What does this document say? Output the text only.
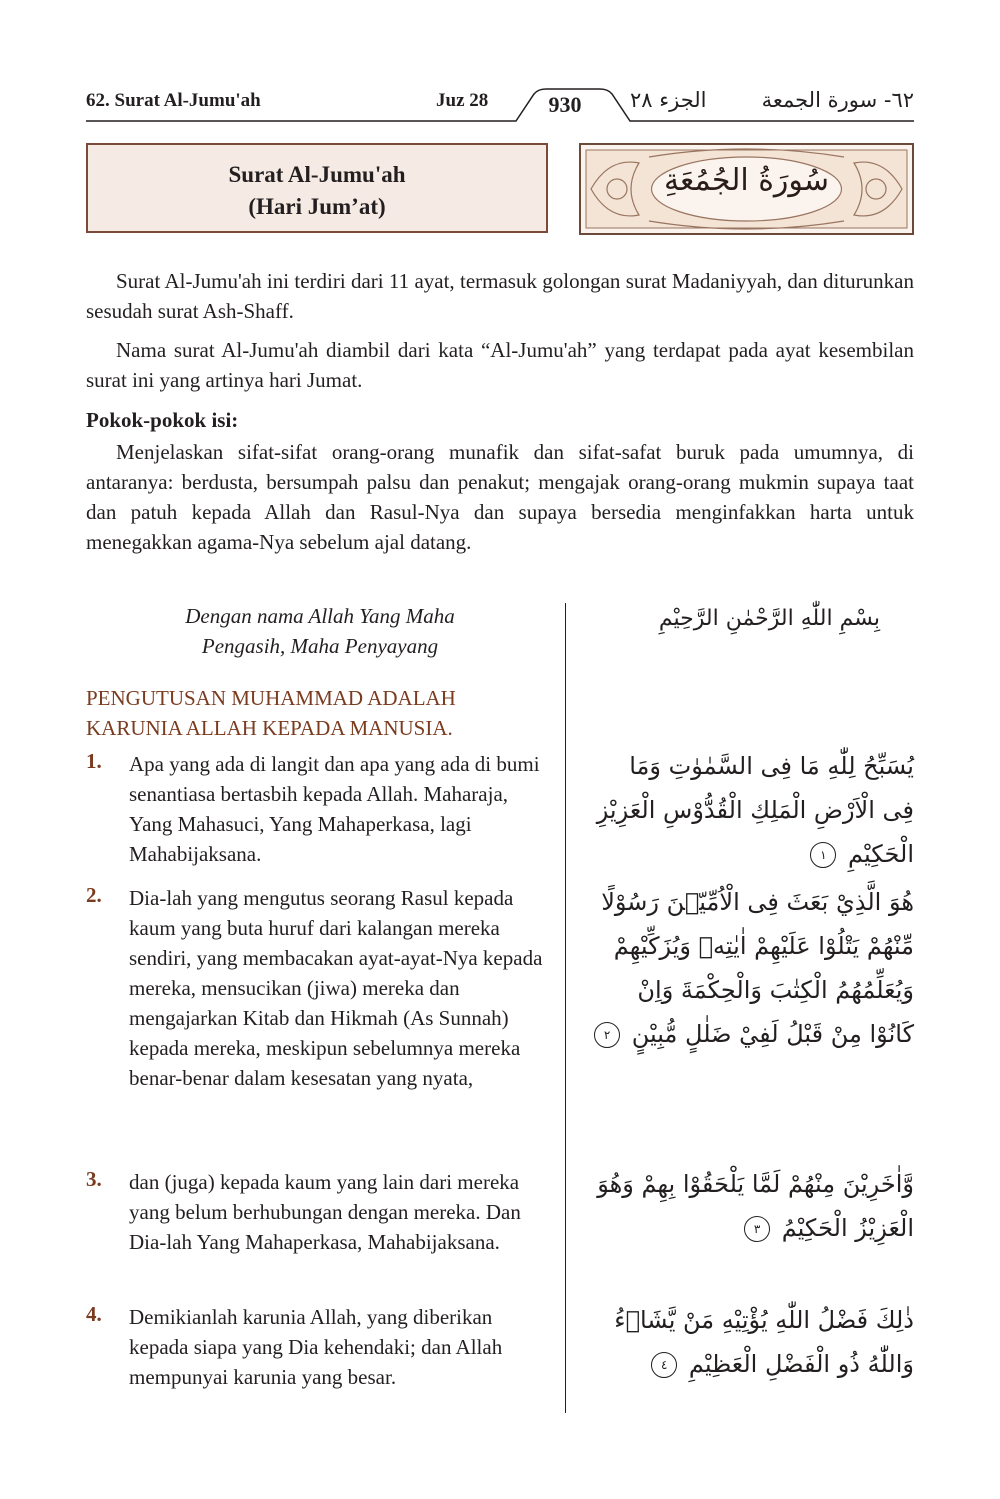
62. Surat Al-Jumu'ah	Juz 28	930	الجزء ٢٨	٦٢- سورة الجمعة
Surat Al-Jumu'ah
(Hari Jum’at)
سُورَةُ الجُمُعَةِ
Surat Al-Jumu'ah ini terdiri dari 11 ayat, termasuk golongan surat Madaniyyah, dan diturunkan sesudah surat Ash-Shaff.
Nama surat Al-Jumu'ah diambil dari kata “Al-Jumu'ah” yang terdapat pada ayat kesembilan surat ini yang artinya hari Jumat.
Pokok-pokok isi:
Menjelaskan sifat-sifat orang-orang munafik dan sifat-safat buruk pada umumnya, di antaranya: berdusta, bersumpah palsu dan penakut; mengajak orang-orang mukmin supaya taat dan patuh kepada Allah dan Rasul-Nya dan supaya bersedia menginfakkan harta untuk menegakkan agama-Nya sebelum ajal datang.
Dengan nama Allah Yang Maha
Pengasih, Maha Penyayang
بِسْمِ اللّٰهِ الرَّحْمٰنِ الرَّحِيْمِ
PENGUTUSAN MUHAMMAD ADALAH
KARUNIA ALLAH KEPADA MANUSIA.
1. Apa yang ada di langit dan apa yang ada di bumi senantiasa bertasbih kepada Allah. Maharaja, Yang Mahasuci, Yang Mahaperkasa, lagi Mahabijaksana.
يُسَبِّحُ لِلّٰهِ مَا فِى السَّمٰوٰتِ وَمَا فِى الْاَرْضِ الْمَلِكِ الْقُدُّوْسِ الْعَزِيْزِ الْحَكِيْمِ ١
2. Dia-lah yang mengutus seorang Rasul kepada kaum yang buta huruf dari kalangan mereka sendiri, yang membacakan ayat-ayat-Nya kepada mereka, mensucikan (jiwa) mereka dan mengajarkan Kitab dan Hikmah (As Sunnah) kepada mereka, meskipun sebelumnya mereka benar-benar dalam kesesatan yang nyata,
هُوَ الَّذِيْ بَعَثَ فِى الْاُمِّيّٖنَ رَسُوْلًا مِّنْهُمْ يَتْلُوْا عَلَيْهِمْ اٰيٰتِهٖ وَيُزَكِّيْهِمْ وَيُعَلِّمُهُمُ الْكِتٰبَ وَالْحِكْمَةَ وَاِنْ كَانُوْا مِنْ قَبْلُ لَفِيْ ضَلٰلٍ مُّبِيْنٍ ٢
3. dan (juga) kepada kaum yang lain dari mereka yang belum berhubungan dengan mereka. Dan Dia-lah Yang Mahaperkasa, Mahabijaksana.
وَّاٰخَرِيْنَ مِنْهُمْ لَمَّا يَلْحَقُوْا بِهِمْ وَهُوَ الْعَزِيْزُ الْحَكِيْمُ ٣
4. Demikianlah karunia Allah, yang diberikan kepada siapa yang Dia kehendaki; dan Allah mempunyai karunia yang besar.
ذٰلِكَ فَضْلُ اللّٰهِ يُؤْتِيْهِ مَنْ يَّشَاۤءُ وَاللّٰهُ ذُو الْفَضْلِ الْعَظِيْمِ ٤
